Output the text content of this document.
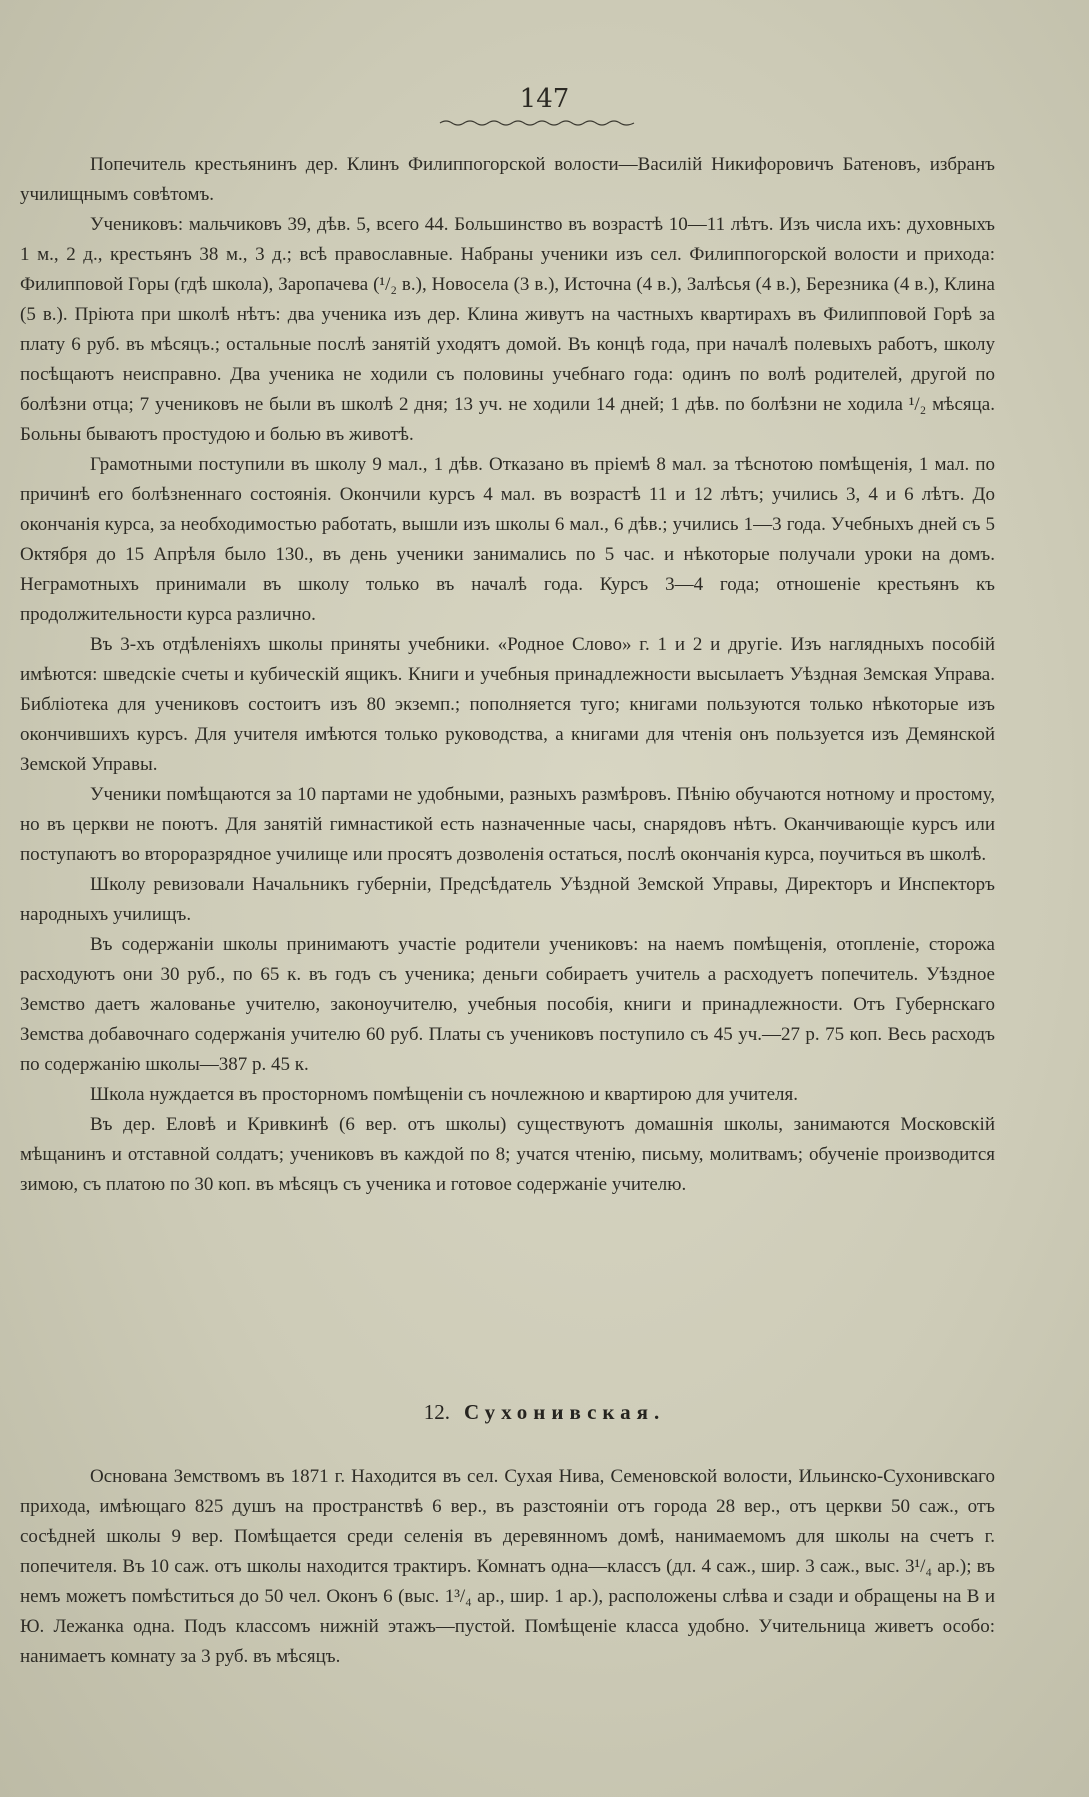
147

Попечитель крестьянинъ дер. Клинъ Филиппогорской волости—Василій Никифоровичъ Батеновъ, избранъ училищнымъ совѣтомъ.

Учениковъ: мальчиковъ 39, дѣв. 5, всего 44. Большинство въ возрастѣ 10—11 лѣтъ. Изъ числа ихъ: духовныхъ 1 м., 2 д., крестьянъ 38 м., 3 д.; всѣ православные. Набраны ученики изъ сел. Филиппогорской волости и прихода: Филипповой Горы (гдѣ школа), Заропачева (¹/₂ в.), Новосела (3 в.), Источна (4 в.), Залѣсья (4 в.), Березника (4 в.), Клина (5 в.). Пріюта при школѣ нѣтъ: два ученика изъ дер. Клина живутъ на частныхъ квартирахъ въ Филипповой Горѣ за плату 6 руб. въ мѣсяцъ.; остальные послѣ занятій уходятъ домой. Въ концѣ года, при началѣ полевыхъ работъ, школу посѣщаютъ неисправно. Два ученика не ходили съ половины учебнаго года: одинъ по волѣ родителей, другой по болѣзни отца; 7 учениковъ не были въ школѣ 2 дня; 13 уч. не ходили 14 дней; 1 дѣв. по болѣзни не ходила ¹/₂ мѣсяца. Больны бываютъ простудою и болью въ животѣ.

Грамотными поступили въ школу 9 мал., 1 дѣв. Отказано въ пріемѣ 8 мал. за тѣснотою помѣщенія, 1 мал. по причинѣ его болѣзненнаго состоянія. Окончили курсъ 4 мал. въ возрастѣ 11 и 12 лѣтъ; учились 3, 4 и 6 лѣтъ. До окончанія курса, за необходимостью работать, вышли изъ школы 6 мал., 6 дѣв.; учились 1—3 года. Учебныхъ дней съ 5 Октября до 15 Апрѣля было 130., въ день ученики занимались по 5 час. и нѣкоторые получали уроки на домъ. Неграмотныхъ принимали въ школу только въ началѣ года. Курсъ 3—4 года; отношеніе крестьянъ къ продолжительности курса различно.

Въ 3-хъ отдѣленіяхъ школы приняты учебники. «Родное Слово» г. 1 и 2 и другіе. Изъ наглядныхъ пособій имѣются: шведскіе счеты и кубическій ящикъ. Книги и учебныя принадлежности высылаетъ Уѣздная Земская Управа. Библіотека для учениковъ состоитъ изъ 80 экземп.; пополняется туго; книгами пользуются только нѣкоторые изъ окончившихъ курсъ. Для учителя имѣются только руководства, а книгами для чтенія онъ пользуется изъ Демянской Земской Управы.

Ученики помѣщаются за 10 партами не удобными, разныхъ размѣровъ. Пѣнію обучаются нотному и простому, но въ церкви не поютъ. Для занятій гимнастикой есть назначенные часы, снарядовъ нѣтъ. Оканчивающіе курсъ или поступаютъ во второразрядное училище или просятъ дозволенія остаться, послѣ окончанія курса, поучиться въ школѣ.

Школу ревизовали Начальникъ губерніи, Предсѣдатель Уѣздной Земской Управы, Директоръ и Инспекторъ народныхъ училищъ.

Въ содержаніи школы принимаютъ участіе родители учениковъ: на наемъ помѣщенія, отопленіе, сторожа расходуютъ они 30 руб., по 65 к. въ годъ съ ученика; деньги собираетъ учитель а расходуетъ попечитель. Уѣздное Земство даетъ жалованье учителю, законоучителю, учебныя пособія, книги и принадлежности. Отъ Губернскаго Земства добавочнаго содержанія учителю 60 руб. Платы съ учениковъ поступило съ 45 уч.—27 р. 75 коп. Весь расходъ по содержанію школы—387 р. 45 к.

Школа нуждается въ просторномъ помѣщеніи съ ночлежною и квартирою для учителя.

Въ дер. Еловѣ и Кривкинѣ (6 вер. отъ школы) существуютъ домашнія школы, занимаются Московскій мѣщанинъ и отставной солдатъ; учениковъ въ каждой по 8; учатся чтенію, письму, молитвамъ; обученіе производится зимою, съ платою по 30 коп. въ мѣсяцъ съ ученика и готовое содержаніе учителю.

12. Сухонивская.

Основана Земствомъ въ 1871 г. Находится въ сел. Сухая Нива, Семеновской волости, Ильинско-Сухонивскаго прихода, имѣющаго 825 душъ на пространствѣ 6 вер., въ разстояніи отъ города 28 вер., отъ церкви 50 саж., отъ сосѣдней школы 9 вер. Помѣщается среди селенія въ деревянномъ домѣ, нанимаемомъ для школы на счетъ г. попечителя. Въ 10 саж. отъ школы находится трактиръ. Комнатъ одна—классъ (дл. 4 саж., шир. 3 саж., выс. 3¹/₄ ар.); въ немъ можетъ помѣститься до 50 чел. Оконъ 6 (выс. 1³/₄ ар., шир. 1 ар.), расположены слѣва и сзади и обращены на В и Ю. Лежанка одна. Подъ классомъ нижній этажъ—пустой. Помѣщеніе класса удобно. Учительница живетъ особо: нанимаетъ комнату за 3 руб. въ мѣсяцъ.
